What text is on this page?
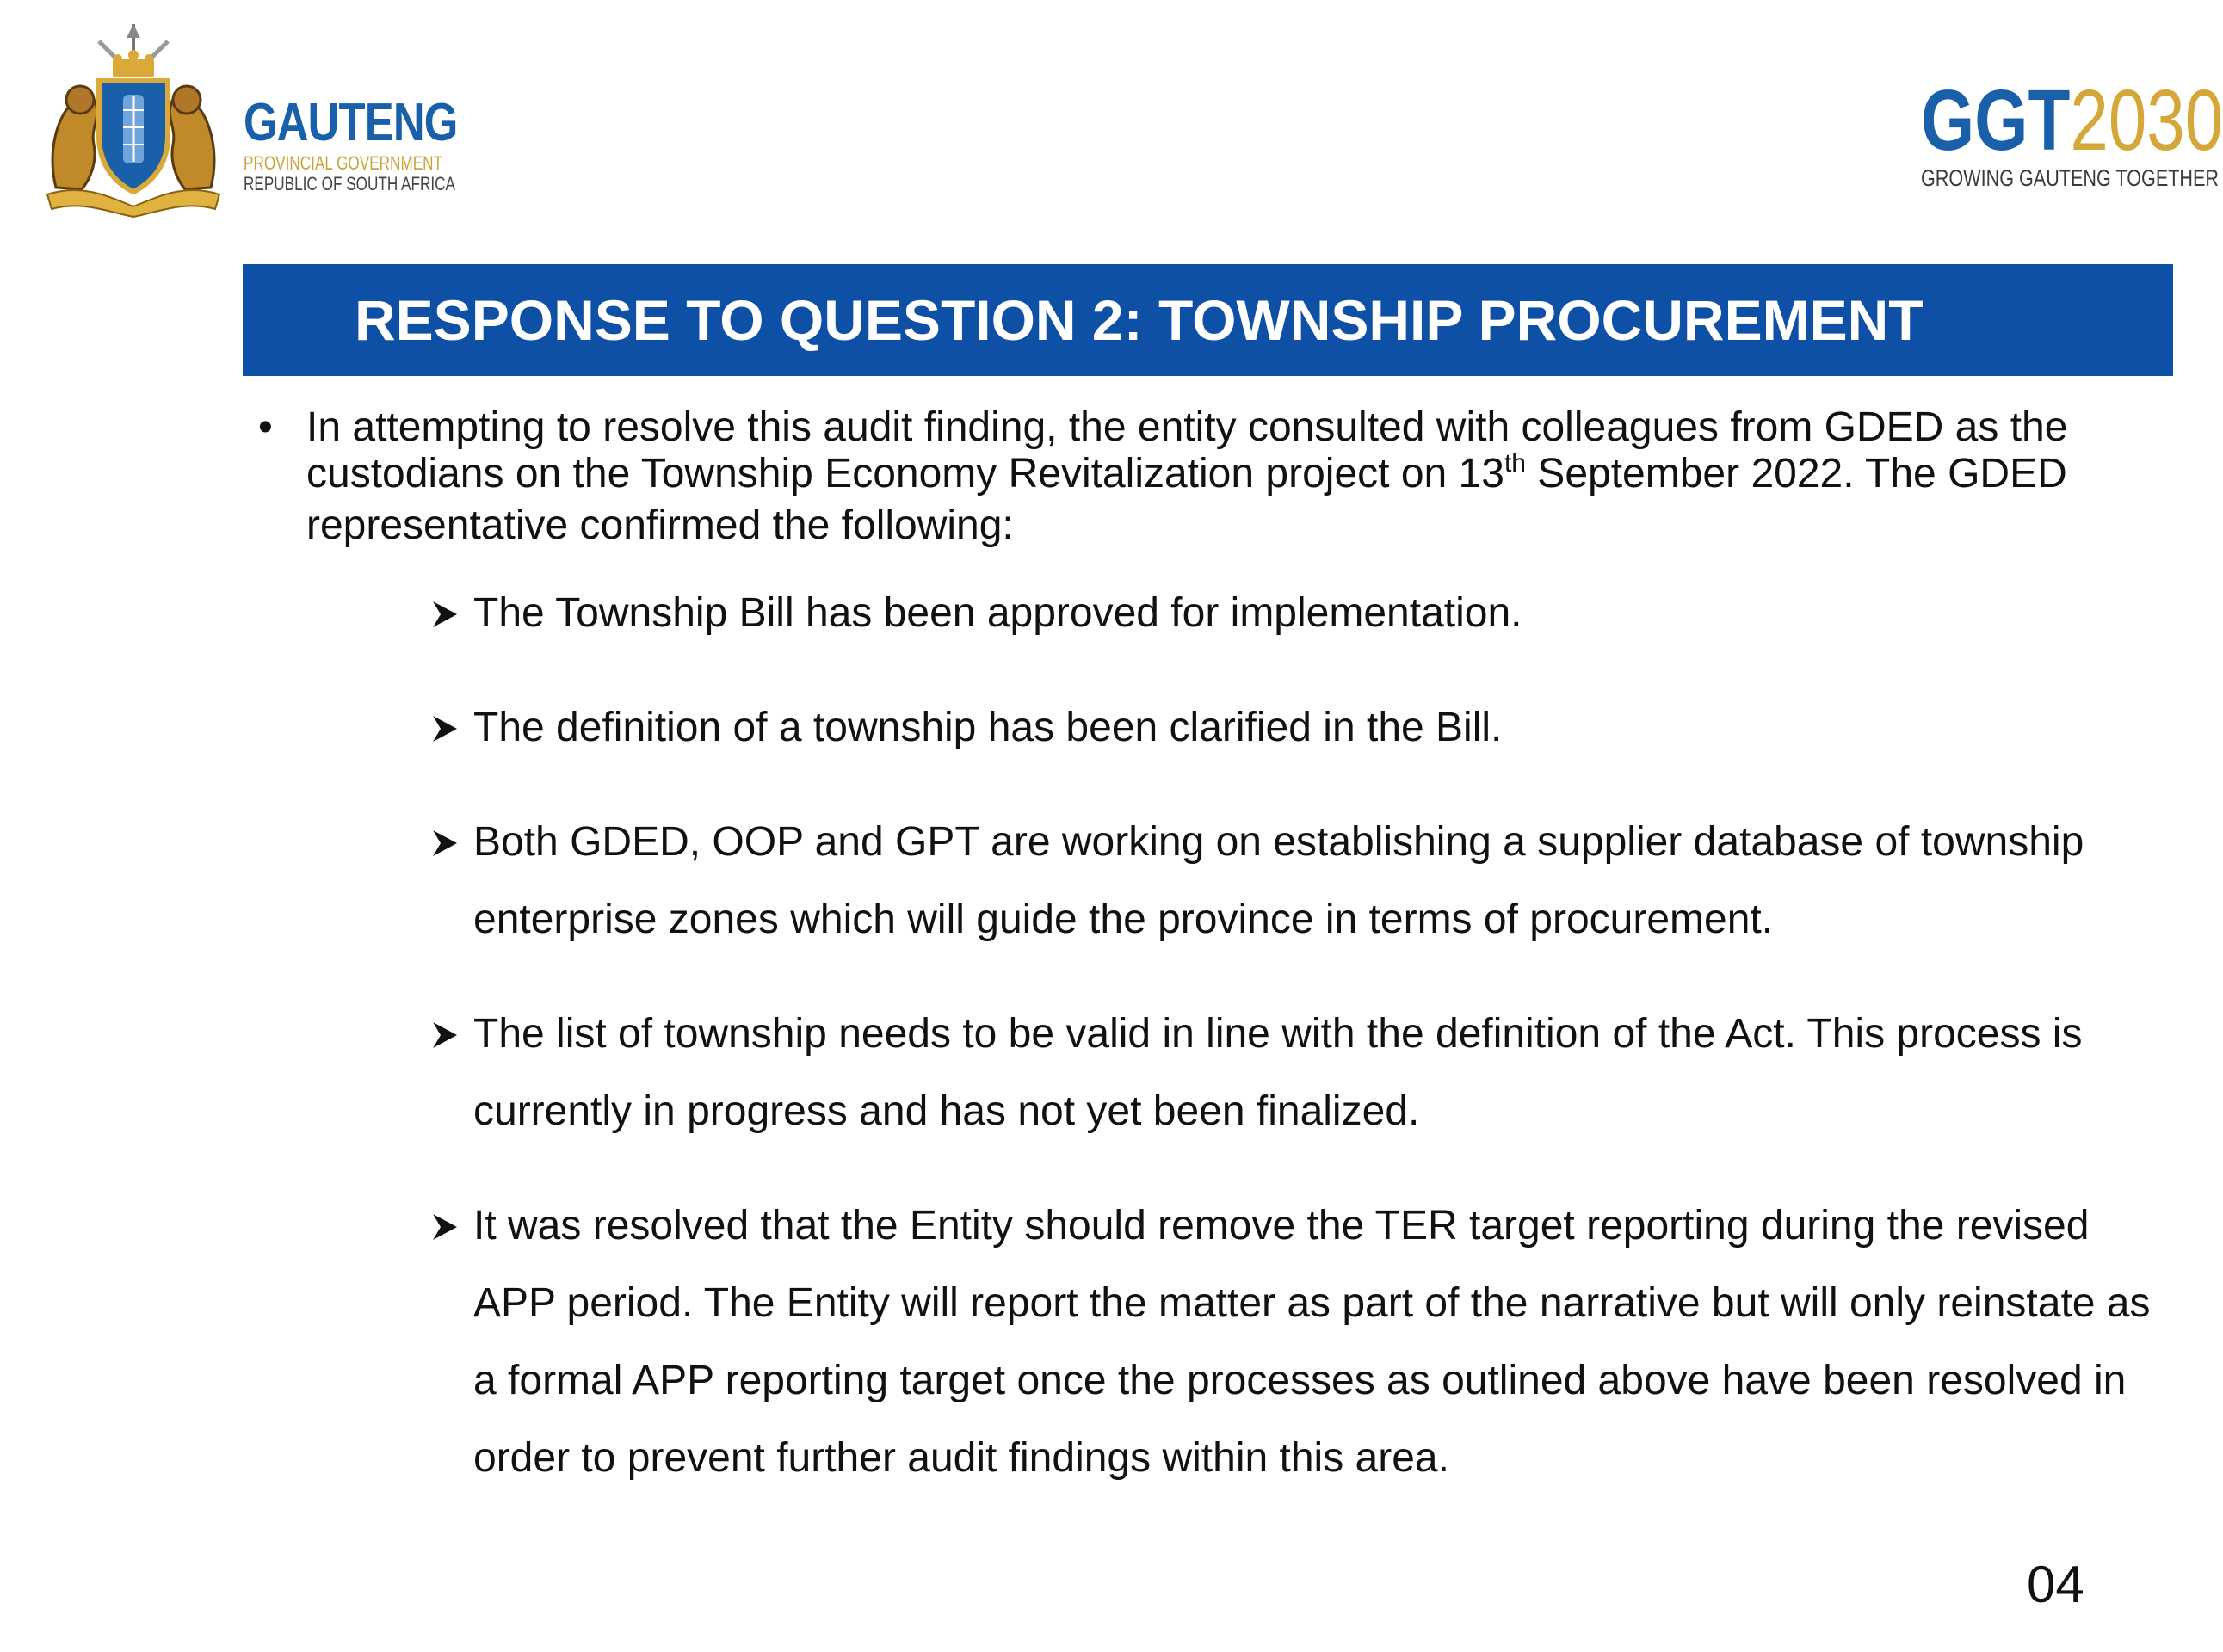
GAUTENG
PROVINCIAL GOVERNMENT
REPUBLIC OF SOUTH AFRICA
GGT2030
GROWING GAUTENG TOGETHER
RESPONSE TO QUESTION 2: TOWNSHIP PROCUREMENT
• In attempting to resolve this audit finding, the entity consulted with colleagues from GDED as the custodians on the Township Economy Revitalization project on 13th September 2022. The GDED representative confirmed the following:
The Township Bill has been approved for implementation.
The definition of a township has been clarified in the Bill.
Both GDED, OOP and GPT are working on establishing a supplier database of township enterprise zones which will guide the province in terms of procurement.
The list of township needs to be valid in line with the definition of the Act. This process is currently in progress and has not yet been finalized.
It was resolved that the Entity should remove the TER target reporting during the revised APP period. The Entity will report the matter as part of the narrative but will only reinstate as a formal APP reporting target once the processes as outlined above have been resolved in order to prevent further audit findings within this area.
04
